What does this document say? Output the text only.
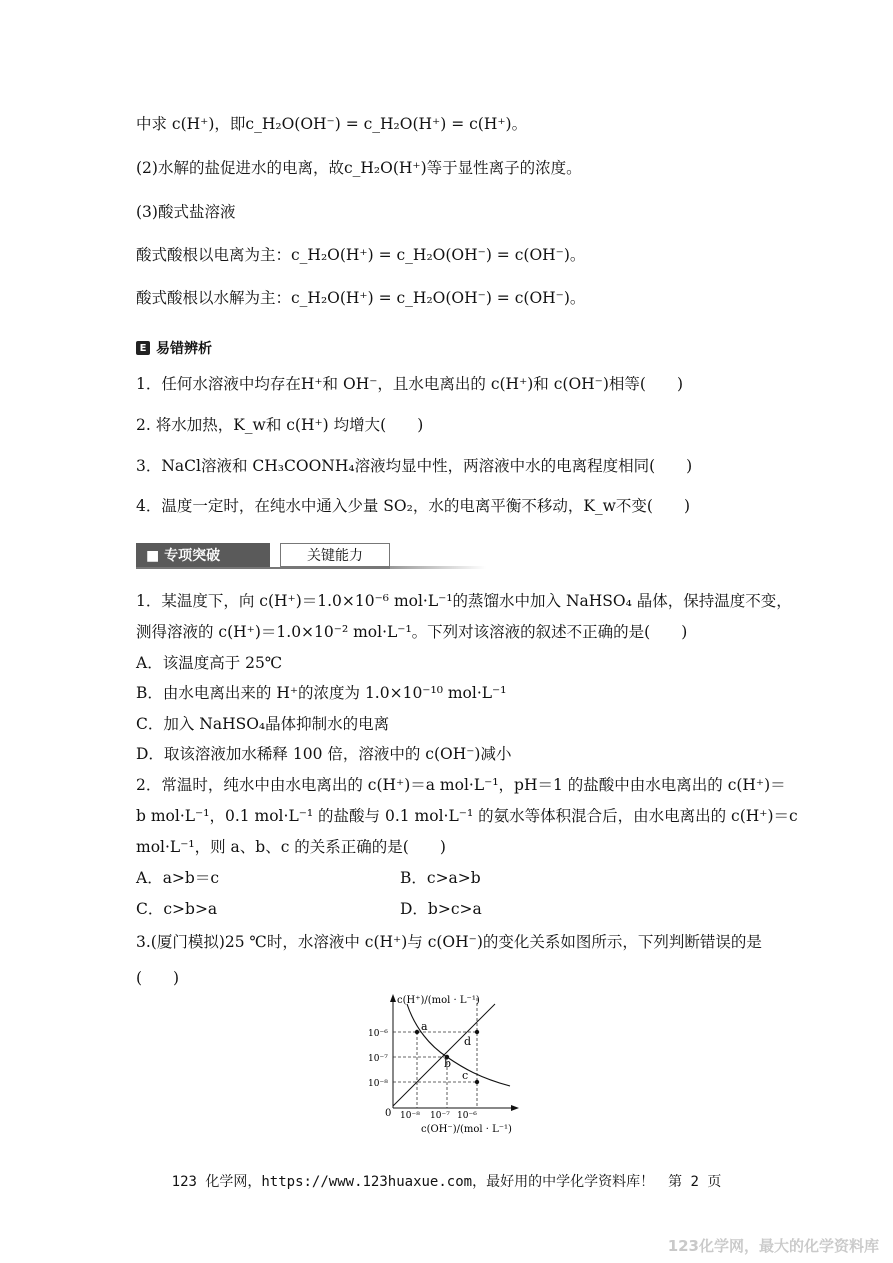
中求 c(H⁺)，即c_H₂O(OH⁻) = c_H₂O(H⁺) = c(H⁺)。
(2)水解的盐促进水的电离，故c_H₂O(H⁺)等于显性离子的浓度。
(3)酸式盐溶液
酸式酸根以电离为主：c_H₂O(H⁺) = c_H₂O(OH⁻) = c(OH⁻)。
酸式酸根以水解为主：c_H₂O(H⁺) = c_H₂O(OH⁻) = c(OH⁻)。
E 易错辨析
1．任何水溶液中均存在H⁺和 OH⁻，且水电离出的 c(H⁺)和 c(OH⁻)相等(　　)
2. 将水加热，K_w和 c(H⁺) 均增大(　　)
3．NaCl溶液和 CH₃COONH₄溶液均显中性，两溶液中水的电离程度相同(　　)
4．温度一定时，在纯水中通入少量 SO₂，水的电离平衡不移动，K_w不变(　　)
■ 专项突破	关键能力
1．某温度下，向 c(H⁺)＝1.0×10⁻⁶ mol·L⁻¹的蒸馏水中加入 NaHSO₄ 晶体，保持温度不变，
测得溶液的 c(H⁺)＝1.0×10⁻² mol·L⁻¹。下列对该溶液的叙述不正确的是(　　)
A．该温度高于 25℃
B．由水电离出来的 H⁺的浓度为 1.0×10⁻¹⁰ mol·L⁻¹
C．加入 NaHSO₄晶体抑制水的电离
D．取该溶液加水稀释 100 倍，溶液中的 c(OH⁻)减小
2．常温时，纯水中由水电离出的 c(H⁺)＝a mol·L⁻¹，pH＝1 的盐酸中由水电离出的 c(H⁺)＝
b mol·L⁻¹，0.1 mol·L⁻¹ 的盐酸与 0.1 mol·L⁻¹ 的氨水等体积混合后，由水电离出的 c(H⁺)＝c
mol·L⁻¹，则 a、b、c 的关系正确的是(　　)
A．a>b＝c	B．c>a>b
C．c>b>a	D．b>c>a
3.(厦门模拟)25 ℃时，水溶液中 c(H⁺)与 c(OH⁻)的变化关系如图所示，下列判断错误的是
(　　)
a
b
c
d
c(H⁺)/(mol · L⁻¹)
10⁻⁶
10⁻⁷
10⁻⁸
0 10⁻⁸ 10⁻⁷ 10⁻⁶
c(OH⁻)/(mol · L⁻¹)
123 化学网，https://www.123huaxue.com，最好用的中学化学资料库！　第 2 页
123化学网，最大的化学资料库
